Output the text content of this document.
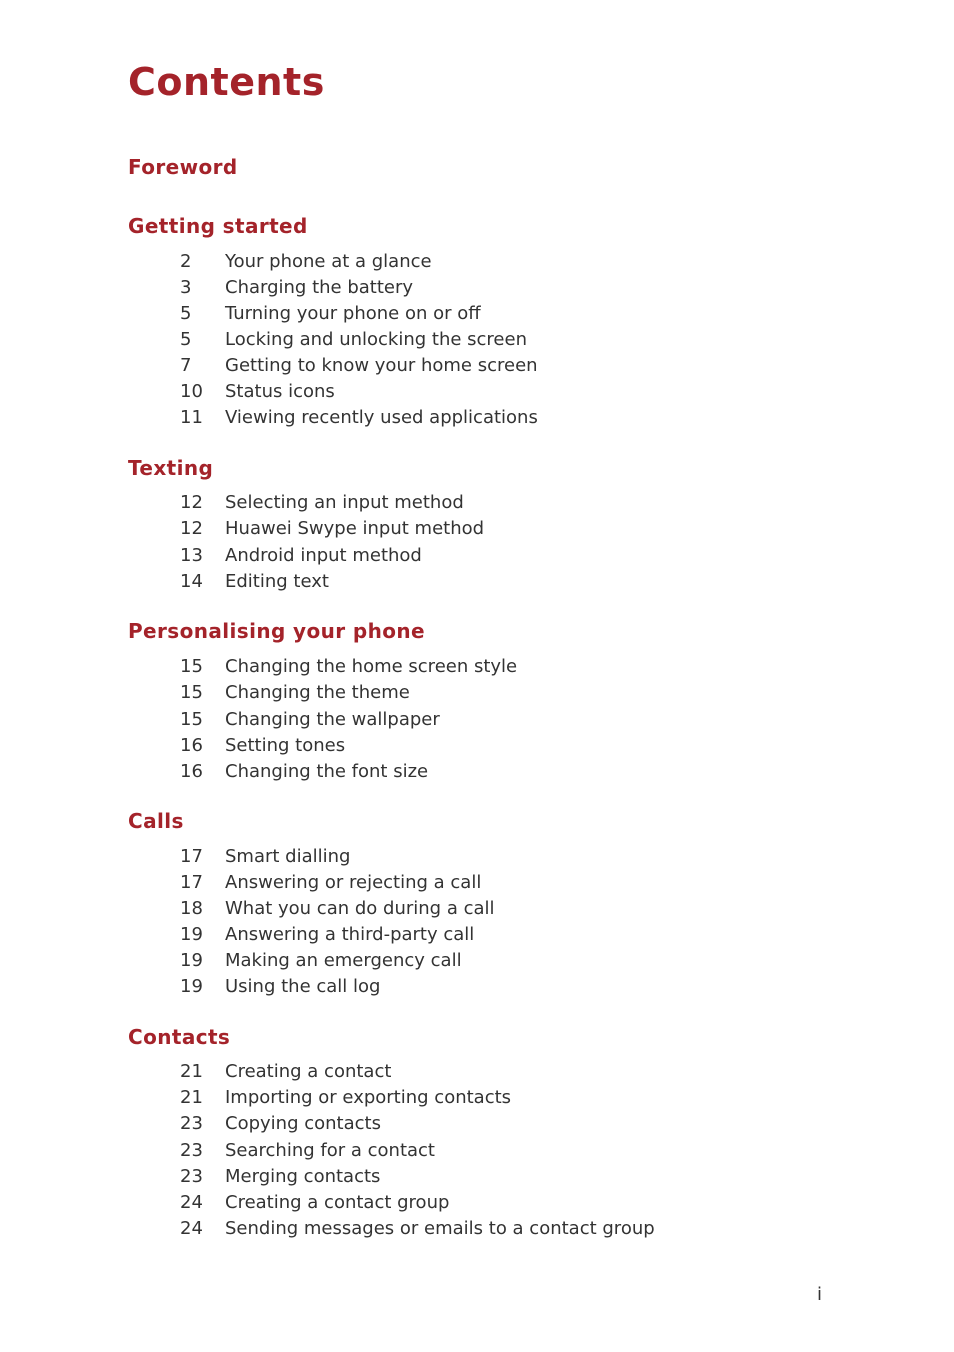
Contents
Foreword
Getting started
2 Your phone at a glance
3 Charging the battery
5 Turning your phone on or off
5 Locking and unlocking the screen
7 Getting to know your home screen
10 Status icons
11 Viewing recently used applications
Texting
12 Selecting an input method
12 Huawei Swype input method
13 Android input method
14 Editing text
Personalising your phone
15 Changing the home screen style
15 Changing the theme
15 Changing the wallpaper
16 Setting tones
16 Changing the font size
Calls
17 Smart dialling
17 Answering or rejecting a call
18 What you can do during a call
19 Answering a third-party call
19 Making an emergency call
19 Using the call log
Contacts
21 Creating a contact
21 Importing or exporting contacts
23 Copying contacts
23 Searching for a contact
23 Merging contacts
24 Creating a contact group
24 Sending messages or emails to a contact group
i
